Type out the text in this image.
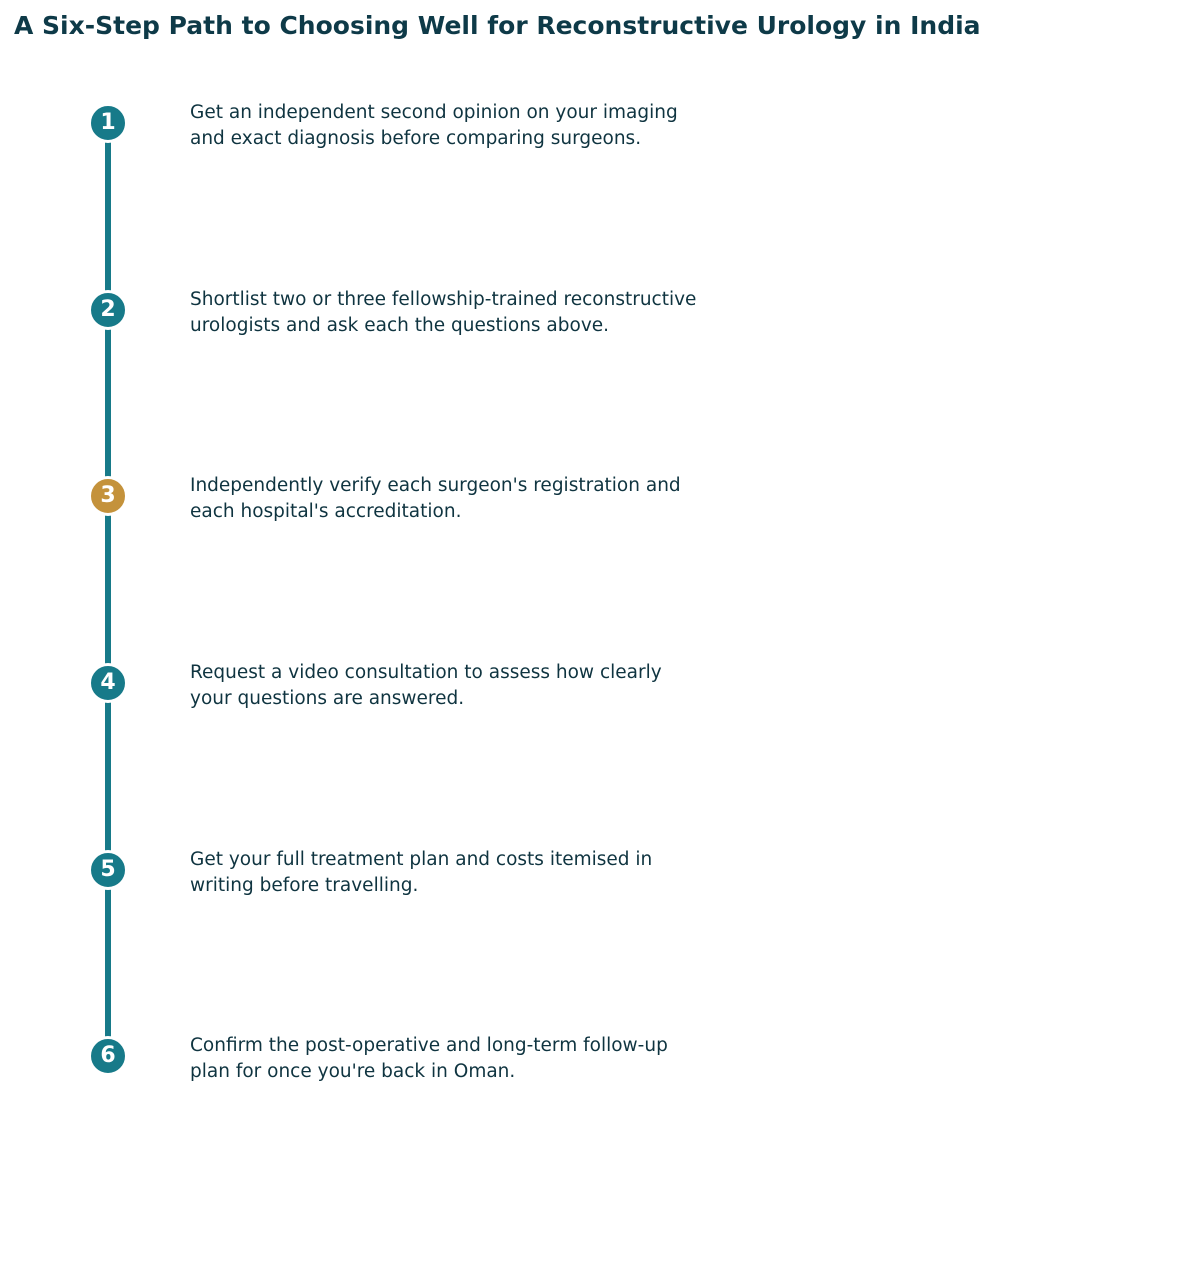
A Six-Step Path to Choosing Well for Reconstructive Urology in India
1	Get an independent second opinion on your imaging and exact diagnosis before comparing surgeons.

2	Shortlist two or three fellowship-trained reconstructive urologists and ask each the questions above.

3	Independently verify each surgeon's registration and each hospital's accreditation.

4	Request a video consultation to assess how clearly your questions are answered.

5	Get your full treatment plan and costs itemised in writing before travelling.

6	Confirm the post-operative and long-term follow-up plan for once you're back in Oman.
